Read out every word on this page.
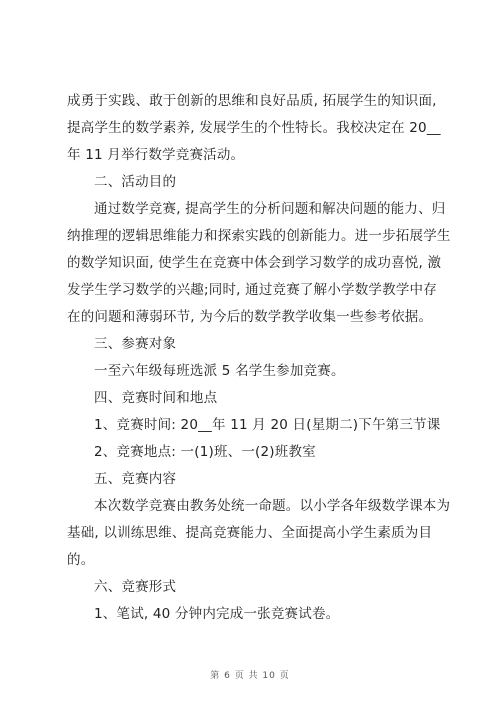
成勇于实践、敢于创新的思维和良好品质, 拓展学生的知识面,
提高学生的数学素养, 发展学生的个性特长。我校决定在 20__
年 11 月举行数学竞赛活动。
二、活动目的
通过数学竞赛, 提高学生的分析问题和解决问题的能力、归
纳推理的逻辑思维能力和探索实践的创新能力。进一步拓展学生
的数学知识面, 使学生在竞赛中体会到学习数学的成功喜悦, 激
发学生学习数学的兴趣;同时, 通过竞赛了解小学数学教学中存
在的问题和薄弱环节, 为今后的数学教学收集一些参考依据。
三、参赛对象
一至六年级每班选派 5 名学生参加竞赛。
四、竞赛时间和地点
1、竞赛时间: 20__年 11 月 20 日(星期二)下午第三节课
2、竞赛地点: 一(1)班、一(2)班教室
五、竞赛内容
本次数学竞赛由教务处统一命题。以小学各年级数学课本为
基础, 以训练思维、提高竞赛能力、全面提高小学生素质为目
的。
六、竞赛形式
1、笔试, 40 分钟内完成一张竞赛试卷。
第 6 页 共 10 页
